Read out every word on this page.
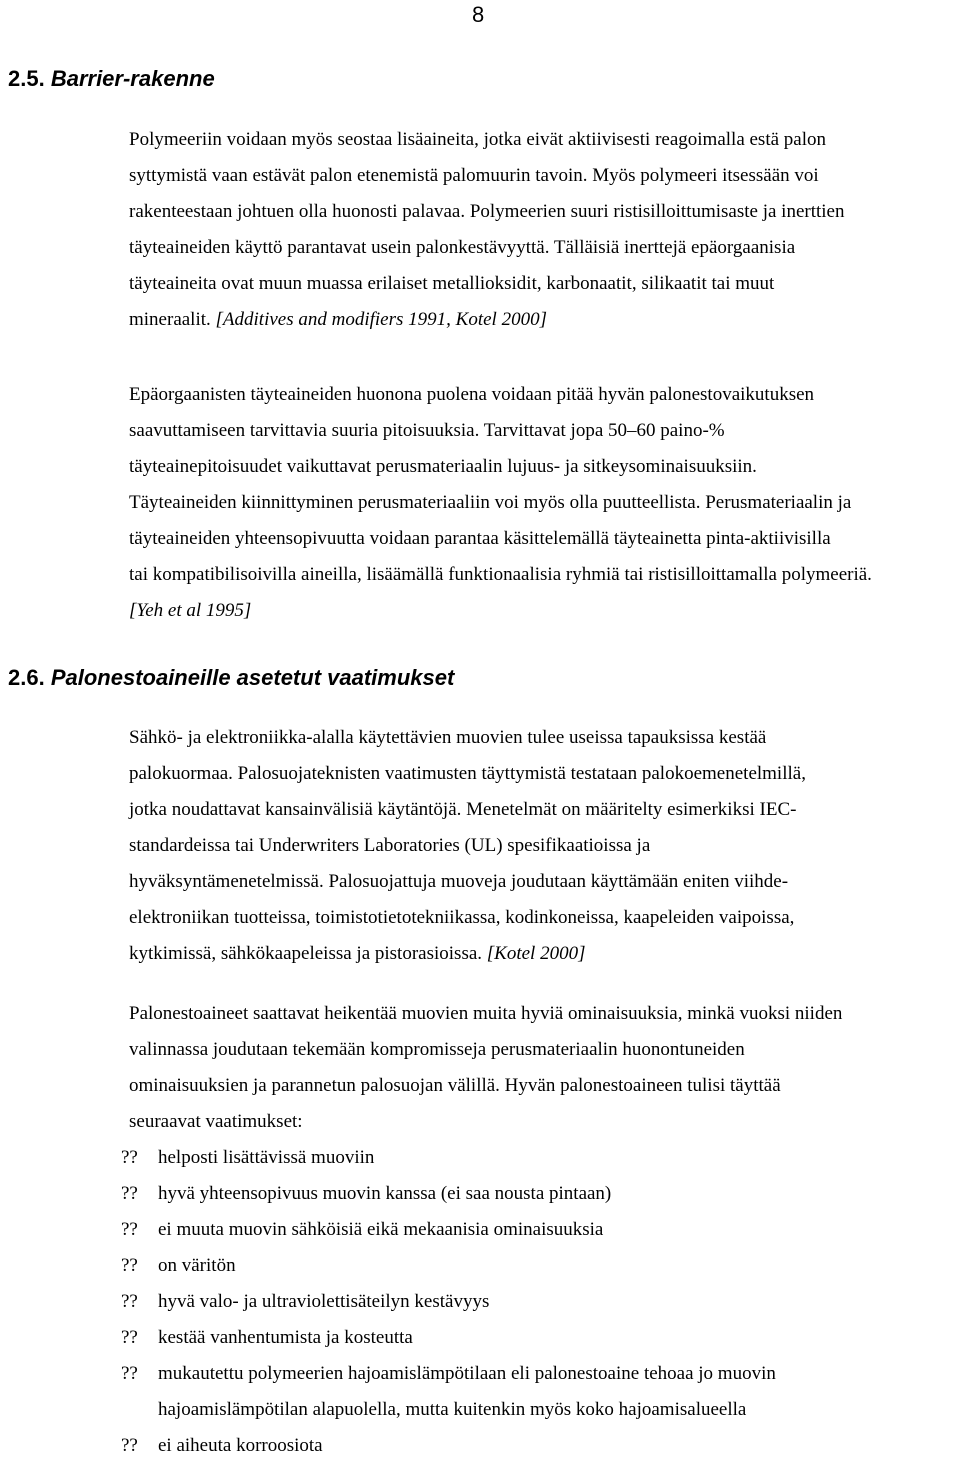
8
2.5. Barrier-rakenne
Polymeeriin voidaan myös seostaa lisäaineita, jotka eivät aktiivisesti reagoimalla estä palon
syttymistä vaan estävät palon etenemistä palomuurin tavoin. Myös polymeeri itsessään voi
rakenteestaan johtuen olla huonosti palavaa. Polymeerien suuri ristisilloittumisaste ja inerttien
täyteaineiden käyttö parantavat usein palonkestävyyttä. Tälläisiä inerttejä epäorgaanisia
täyteaineita ovat muun muassa erilaiset metallioksidit, karbonaatit, silikaatit tai muut
mineraalit. [Additives and modifiers 1991, Kotel 2000]
Epäorgaanisten täyteaineiden huonona puolena voidaan pitää hyvän palonestovaikutuksen
saavuttamiseen tarvittavia suuria pitoisuuksia. Tarvittavat jopa 50–60 paino-%
täyteainepitoisuudet vaikuttavat perusmateriaalin lujuus- ja sitkeysominaisuuksiin.
Täyteaineiden kiinnittyminen perusmateriaaliin voi myös olla puutteellista. Perusmateriaalin ja
täyteaineiden yhteensopivuutta voidaan parantaa käsittelemällä täyteainetta pinta-aktiivisilla
tai kompatibilisoivilla aineilla, lisäämällä funktionaalisia ryhmiä tai ristisilloittamalla polymeeriä.
[Yeh et al 1995]
2.6. Palonestoaineille asetetut vaatimukset
Sähkö- ja elektroniikka-alalla käytettävien muovien tulee useissa tapauksissa kestää
palokuormaa. Palosuojateknisten vaatimusten täyttymistä testataan palokoemenetelmillä,
jotka noudattavat kansainvälisiä käytäntöjä. Menetelmät on määritelty esimerkiksi IEC-
standardeissa tai Underwriters Laboratories (UL) spesifikaatioissa ja
hyväksyntämenetelmissä. Palosuojattuja muoveja joudutaan käyttämään eniten viihde-
elektroniikan tuotteissa, toimistotietotekniikassa, kodinkoneissa, kaapeleiden vaipoissa,
kytkimissä, sähkökaapeleissa ja pistorasioissa. [Kotel 2000]
Palonestoaineet saattavat heikentää muovien muita hyviä ominaisuuksia, minkä vuoksi niiden
valinnassa joudutaan tekemään kompromisseja perusmateriaalin huonontuneiden
ominaisuuksien ja parannetun palosuojan välillä. Hyvän palonestoaineen tulisi täyttää
seuraavat vaatimukset:
?? helposti lisättävissä muoviin
?? hyvä yhteensopivuus muovin kanssa (ei saa nousta pintaan)
?? ei muuta muovin sähköisiä eikä mekaanisia ominaisuuksia
?? on väritön
?? hyvä valo- ja ultraviolettisäteilyn kestävyys
?? kestää vanhentumista ja kosteutta
?? mukautettu polymeerien hajoamislämpötilaan eli palonestoaine tehoaa jo muovin
hajoamislämpötilan alapuolella, mutta kuitenkin myös koko hajoamisalueella
?? ei aiheuta korroosiota
